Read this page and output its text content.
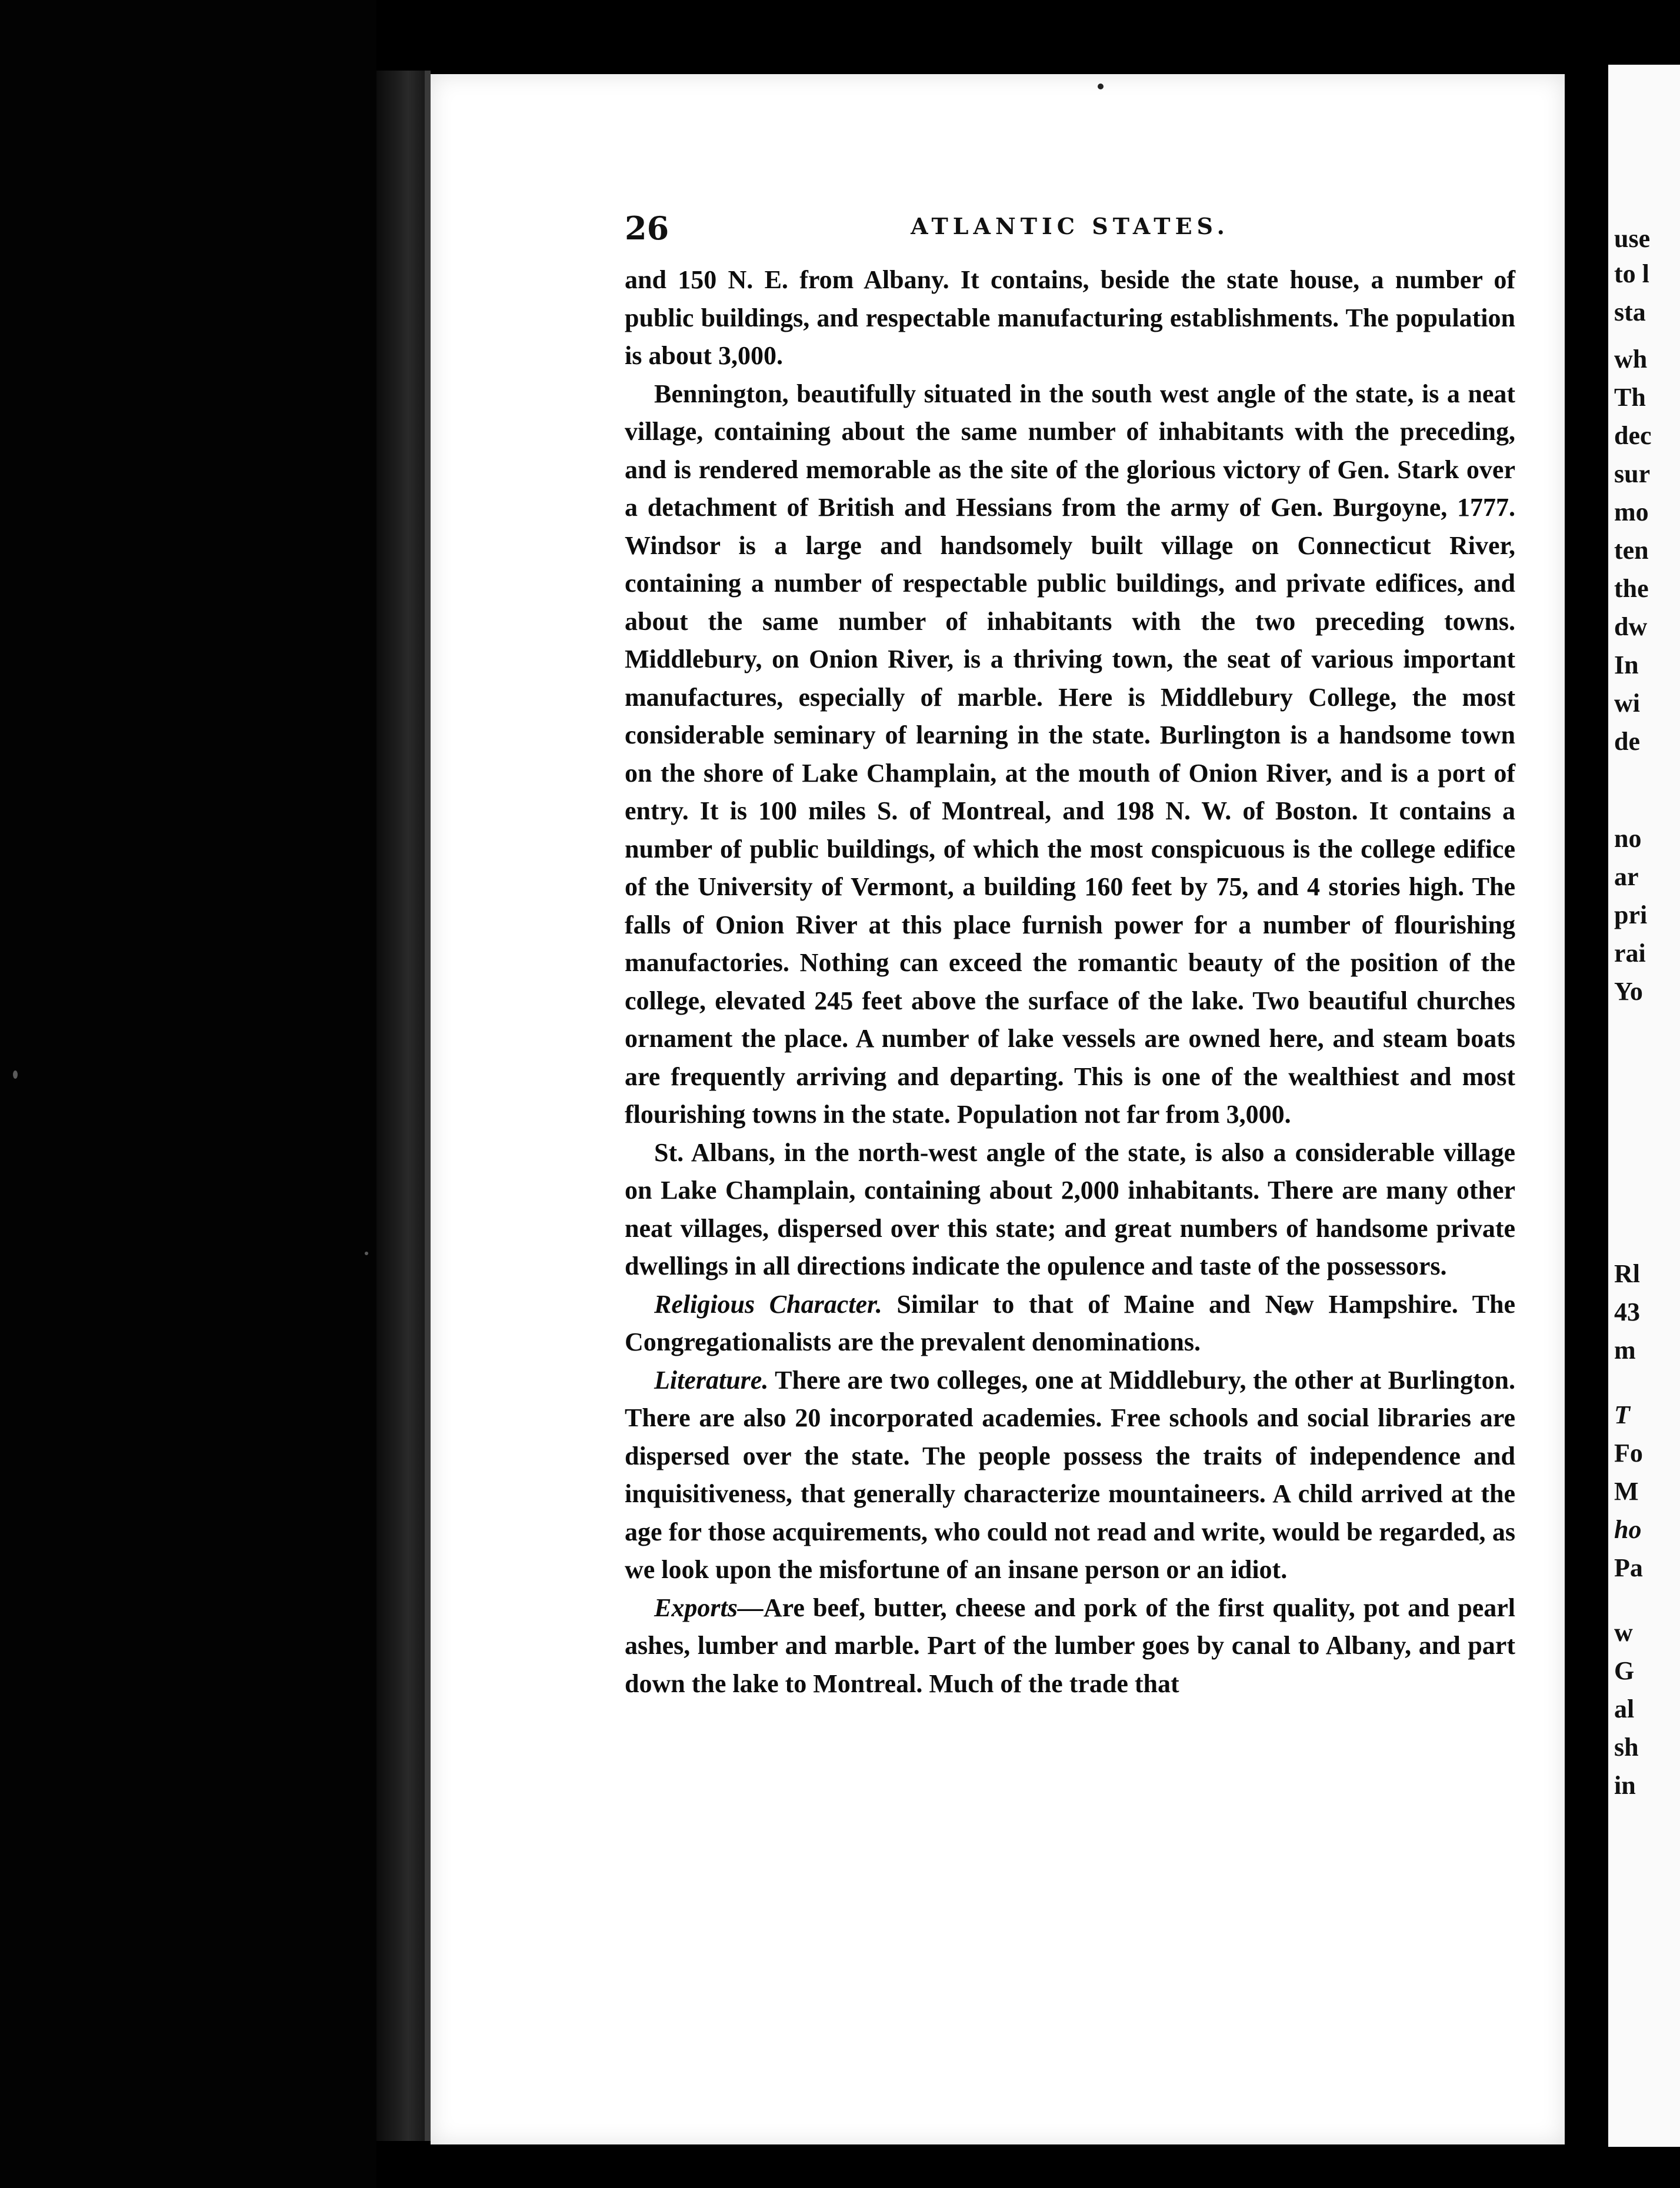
26	ATLANTIC STATES.

and 150 N. E. from Albany. It contains, beside the state house, a number of public buildings, and respectable manufacturing establishments. The population is about 3,000.

Bennington, beautifully situated in the south west angle of the state, is a neat village, containing about the same number of inhabitants with the preceding, and is rendered memorable as the site of the glorious victory of Gen. Stark over a detachment of British and Hessians from the army of Gen. Burgoyne, 1777. Windsor is a large and handsomely built village on Connecticut River, containing a number of respectable public buildings, and private edifices, and about the same number of inhabitants with the two preceding towns. Middlebury, on Onion River, is a thriving town, the seat of various important manufactures, especially of marble. Here is Middlebury College, the most considerable seminary of learning in the state. Burlington is a handsome town on the shore of Lake Champlain, at the mouth of Onion River, and is a port of entry. It is 100 miles S. of Montreal, and 198 N. W. of Boston. It contains a number of public buildings, of which the most conspicuous is the college edifice of the University of Vermont, a building 160 feet by 75, and 4 stories high. The falls of Onion River at this place furnish power for a number of flourishing manufactories. Nothing can exceed the romantic beauty of the position of the college, elevated 245 feet above the surface of the lake. Two beautiful churches ornament the place. A number of lake vessels are owned here, and steam boats are frequently arriving and departing. This is one of the wealthiest and most flourishing towns in the state. Population not far from 3,000.

St. Albans, in the north-west angle of the state, is also a considerable village on Lake Champlain, containing about 2,000 inhabitants. There are many other neat villages, dispersed over this state; and great numbers of handsome private dwellings in all directions indicate the opulence and taste of the possessors.

Religious Character. Similar to that of Maine and New Hampshire. The Congregationalists are the prevalent denominations.

Literature. There are two colleges, one at Middlebury, the other at Burlington. There are also 20 incorporated academies. Free schools and social libraries are dispersed over the state. The people possess the traits of independence and inquisitiveness, that generally characterize mountaineers. A child arrived at the age for those acquirements, who could not read and write, would be regarded, as we look upon the misfortune of an insane person or an idiot.

Exports—Are beef, butter, cheese and pork of the first quality, pot and pearl ashes, lumber and marble. Part of the lumber goes by canal to Albany, and part down the lake to Montreal. Much of the trade that

use
to l
sta
wh
Th
dec
sur
mo
ten
the
dw
In
wi
de
no
ar
pri
rai
Yo
Rl
43
m
T
Fo
M
ho
Pa
w
G
al
sh
in
